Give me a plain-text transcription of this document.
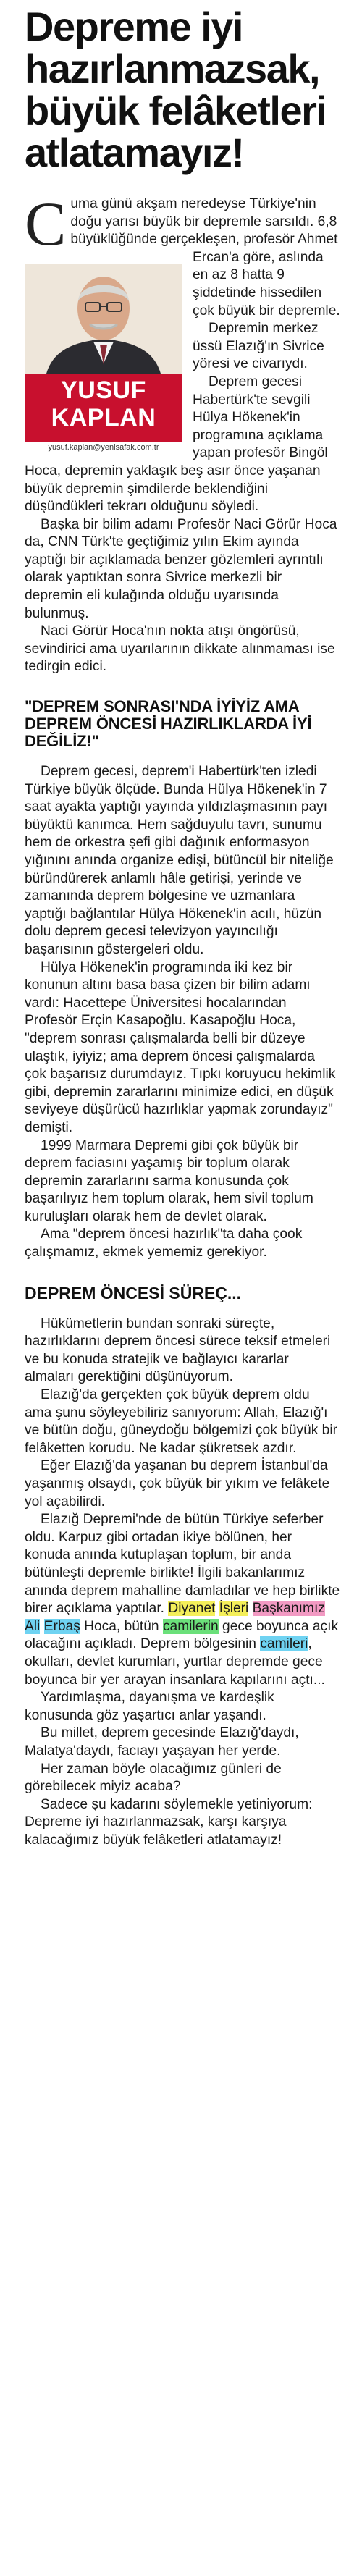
Depreme iyi
hazırlanmazsak,
büyük felâketleri
atlatamayız!
C
YUSUF
KAPLAN
yusuf.kaplan@yenisafak.com.tr

uma günü akşam neredeyse Türkiye'nin doğu yarısı büyük bir depremle sarsıldı. 6,8 büyüklüğünde gerçekleşen, profesör Ahmet Ercan'a göre, aslında en az 8 hatta 9 şiddetinde hissedilen çok büyük bir depremle.

Depremin merkez üssü Elazığ'ın Sivrice yöresi ve civarıydı.

Deprem gecesi Habertürk'te sevgili Hülya Hökenek'in programına açıklama yapan profesör Bingöl Hoca, depremin yaklaşık beş asır önce yaşanan büyük depremin şimdilerde beklendiğini düşündükleri tekrarı olduğunu söyledi.

Başka bir bilim adamı Profesör Naci Görür Hoca da, CNN Türk'te geçtiğimiz yılın Ekim ayında yaptığı bir açıklamada benzer gözlemleri ayrıntılı olarak yaptıktan sonra Sivrice merkezli bir depremin eli kulağında olduğu uyarısında bulunmuş.

Naci Görür Hoca'nın nokta atışı öngörüsü, sevindirici ama uyarılarının dikkate alınmaması ise tedirgin edici.

"DEPREM SONRASI'NDA İYİYİZ AMA DEPREM ÖNCESİ HAZIRLIKLARDA İYİ DEĞİLİZ!"

Deprem gecesi, deprem'i Habertürk'ten izledi Türkiye büyük ölçüde. Bunda Hülya Hökenek'in 7 saat ayakta yaptığı yayında yıldızlaşmasının payı büyüktü kanımca. Hem sağduyulu tavrı, sunumu hem de orkestra şefi gibi dağınık enformasyon yığınını anında organize edişi, bütüncül bir niteliğe büründürerek anlamlı hâle getirişi, yerinde ve zamanında deprem bölgesine ve uzmanlara yaptığı bağlantılar Hülya Hökenek'in acılı, hüzün dolu deprem gecesi televizyon yayıncılığı başarısının göstergeleri oldu.

Hülya Hökenek'in programında iki kez bir konunun altını basa basa çizen bir bilim adamı vardı: Hacettepe Üniversitesi hocalarından Profesör Erçin Kasapoğlu. Kasapoğlu Hoca, "deprem sonrası çalışmalarda belli bir düzeye ulaştık, iyiyiz; ama deprem öncesi çalışmalarda çok başarısız durumdayız. Tıpkı koruyucu hekimlik gibi, depremin zararlarını minimize edici, en düşük seviyeye düşürücü hazırlıklar yapmak zorundayız" demişti.

1999 Marmara Depremi gibi çok büyük bir deprem faciasını yaşamış bir toplum olarak depremin zararlarını sarma konusunda çok başarılıyız hem toplum olarak, hem sivil toplum kuruluşları olarak hem de devlet olarak.

Ama "deprem öncesi hazırlık"ta daha çook çalışmamız, ekmek yememiz gerekiyor.

DEPREM ÖNCESİ SÜREÇ...

Hükümetlerin bundan sonraki süreçte, hazırlıklarını deprem öncesi sürece teksif etmeleri ve bu konuda stratejik ve bağlayıcı kararlar almaları gerektiğini düşünüyorum.

Elazığ'da gerçekten çok büyük deprem oldu ama şunu söyleyebiliriz sanıyorum: Allah, Elazığ'ı ve bütün doğu, güneydoğu bölgemizi çok büyük bir felâketten korudu. Ne kadar şükretsek azdır.

Eğer Elazığ'da yaşanan bu deprem İstanbul'da yaşanmış olsaydı, çok büyük bir yıkım ve felâkete yol açabilirdi.

Elazığ Depremi'nde de bütün Türkiye seferber oldu. Karpuz gibi ortadan ikiye bölünen, her konuda anında kutuplaşan toplum, bir anda bütünleşti depremle birlikte! İlgili bakanlarımız anında deprem mahalline damladılar ve hep birlikte birer açıklama yaptılar. Diyanet İşleri Başkanımız Ali Erbaş Hoca, bütün camilerin gece boyunca açık olacağını açıkladı. Deprem bölgesinin camileri, okulları, devlet kurumları, yurtlar depremde gece boyunca bir yer arayan insanlara kapılarını açtı...

Yardımlaşma, dayanışma ve kardeşlik konusunda göz yaşartıcı anlar yaşandı.

Bu millet, deprem gecesinde Elazığ'daydı, Malatya'daydı, facıayı yaşayan her yerde.

Her zaman böyle olacağımız günleri de görebilecek miyiz acaba?

Sadece şu kadarını söylemekle yetiniyorum: Depreme iyi hazırlanmazsak, karşı karşıya kalacağımız büyük felâketleri atlatamayız!
